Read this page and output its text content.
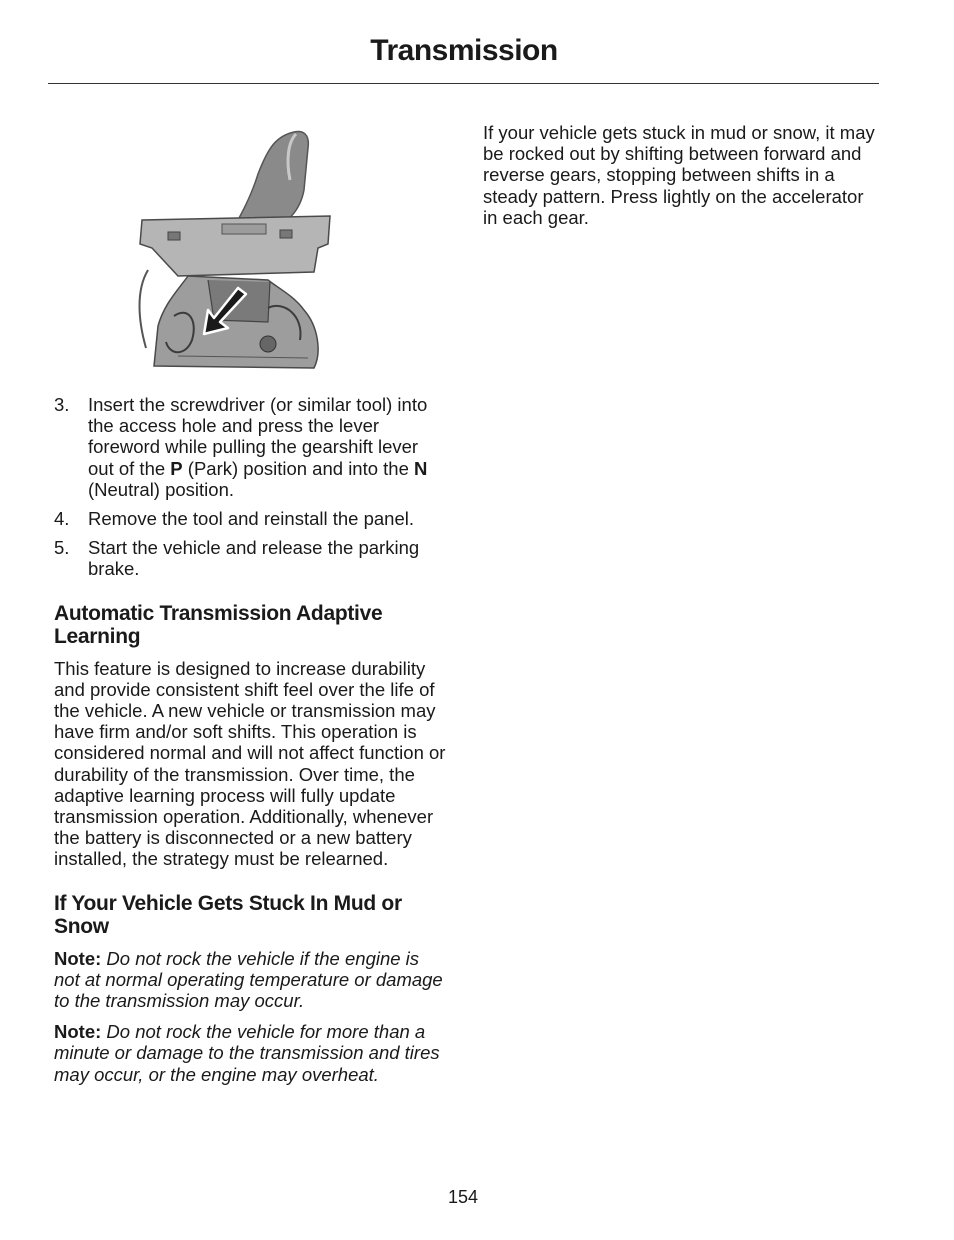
Transmission
3. Insert the screwdriver (or similar tool) into the access hole and press the lever foreword while pulling the gearshift lever out of the P (Park) position and into the N (Neutral) position.
4. Remove the tool and reinstall the panel.
5. Start the vehicle and release the parking brake.
Automatic Transmission Adaptive Learning

This feature is designed to increase durability and provide consistent shift feel over the life of the vehicle. A new vehicle or transmission may have firm and/or soft shifts. This operation is considered normal and will not affect function or durability of the transmission. Over time, the adaptive learning process will fully update transmission operation. Additionally, whenever the battery is disconnected or a new battery installed, the strategy must be relearned.

If Your Vehicle Gets Stuck In Mud or Snow

Note: Do not rock the vehicle if the engine is not at normal operating temperature or damage to the transmission may occur.

Note: Do not rock the vehicle for more than a minute or damage to the transmission and tires may occur, or the engine may overheat.

If your vehicle gets stuck in mud or snow, it may be rocked out by shifting between forward and reverse gears, stopping between shifts in a steady pattern. Press lightly on the accelerator in each gear.

154
